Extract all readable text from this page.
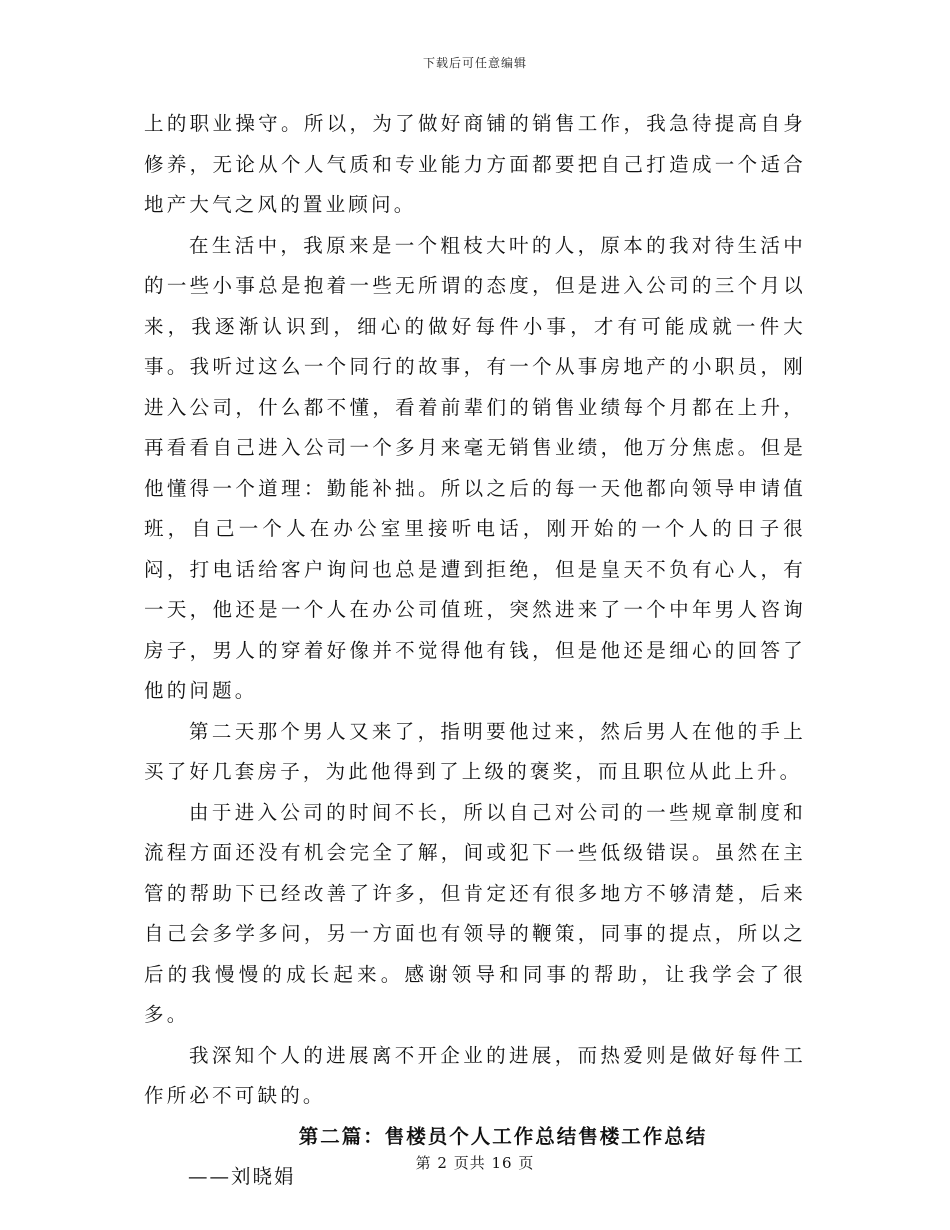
下载后可任意编辑

上的职业操守。所以，为了做好商铺的销售工作，我急待提高自身修养，无论从个人气质和专业能力方面都要把自己打造成一个适合地产大气之风的置业顾问。

在生活中，我原来是一个粗枝大叶的人，原本的我对待生活中的一些小事总是抱着一些无所谓的态度，但是进入公司的三个月以来，我逐渐认识到，细心的做好每件小事，才有可能成就一件大事。我听过这么一个同行的故事，有一个从事房地产的小职员，刚进入公司，什么都不懂，看着前辈们的销售业绩每个月都在上升，再看看自己进入公司一个多月来毫无销售业绩，他万分焦虑。但是他懂得一个道理：勤能补拙。所以之后的每一天他都向领导申请值班，自己一个人在办公室里接听电话，刚开始的一个人的日子很闷，打电话给客户询问也总是遭到拒绝，但是皇天不负有心人，有一天，他还是一个人在办公司值班，突然进来了一个中年男人咨询房子，男人的穿着好像并不觉得他有钱，但是他还是细心的回答了他的问题。

第二天那个男人又来了，指明要他过来，然后男人在他的手上买了好几套房子，为此他得到了上级的褒奖，而且职位从此上升。

由于进入公司的时间不长，所以自己对公司的一些规章制度和流程方面还没有机会完全了解，间或犯下一些低级错误。虽然在主管的帮助下已经改善了许多，但肯定还有很多地方不够清楚，后来自己会多学多问，另一方面也有领导的鞭策，同事的提点，所以之后的我慢慢的成长起来。感谢领导和同事的帮助，让我学会了很多。

我深知个人的进展离不开企业的进展，而热爱则是做好每件工作所必不可缺的。

第二篇：售楼员个人工作总结售楼工作总结
——刘晓娟
第 2 页共 16 页
